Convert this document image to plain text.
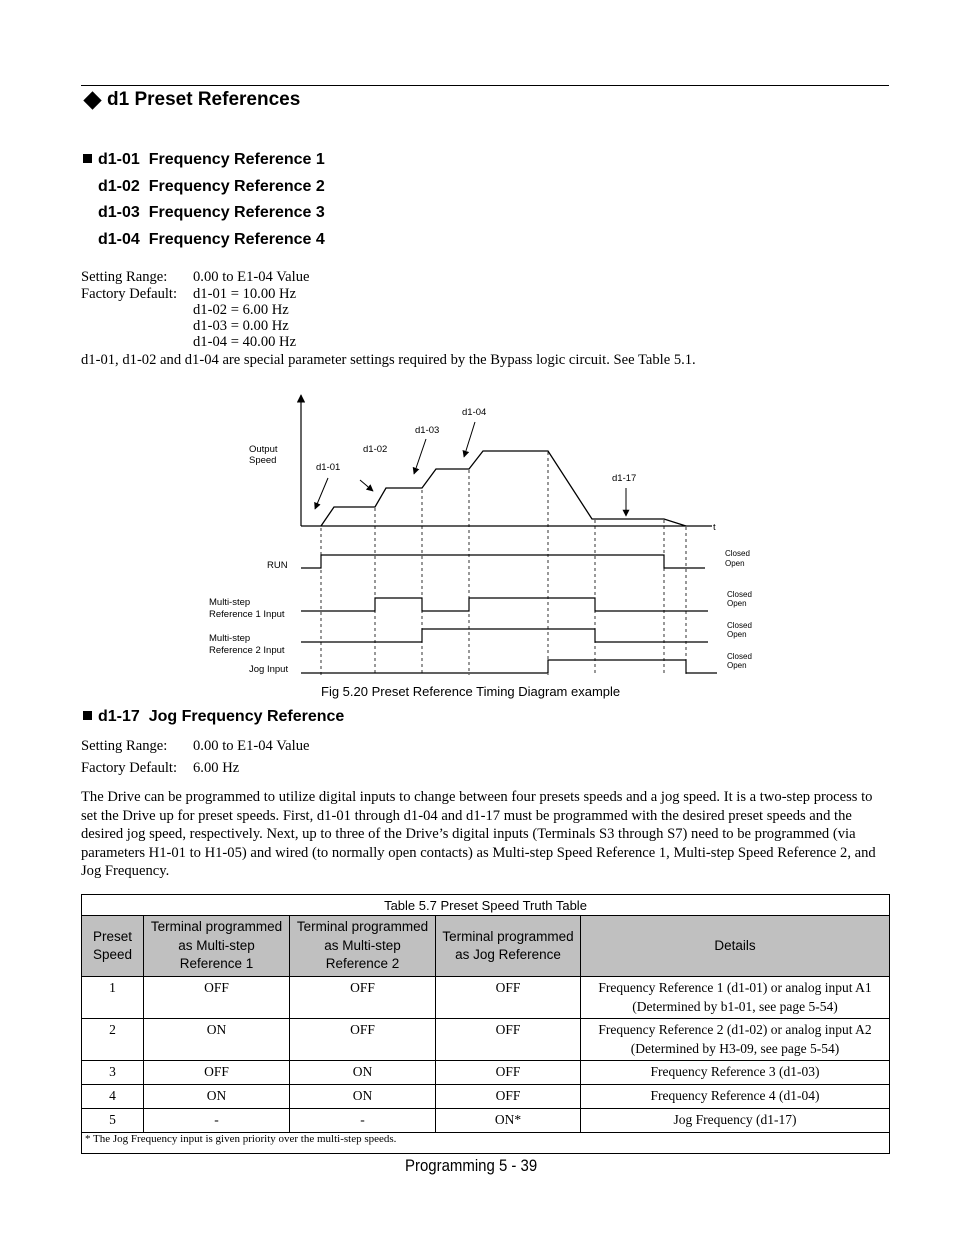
d1 Preset References
d1-01 Frequency Reference 1
d1-02 Frequency Reference 2
d1-03 Frequency Reference 3
d1-04 Frequency Reference 4
Setting Range: 0.00 to E1-04 Value
Factory Default: d1-01 = 10.00 Hz
d1-02 = 6.00 Hz
d1-03 = 0.00 Hz
d1-04 = 40.00 Hz
d1-01, d1-02 and d1-04 are special parameter settings required by the Bypass logic circuit. See Table 5.1.
Output
Speed
t
d1-01
d1-02
d1-03
d1-04
d1-17
RUN
Closed
Open
Multi-step
Reference 1 Input
Closed
Open
Multi-step
Reference 2 Input
Closed
Open
Jog Input
Closed
Open
Fig 5.20 Preset Reference Timing Diagram example
d1-17 Jog Frequency Reference
Setting Range: 0.00 to E1-04 Value
Factory Default: 6.00 Hz
The Drive can be programmed to utilize digital inputs to change between four presets speeds and a jog speed. It is a two-step process to set the Drive up for preset speeds. First, d1-01 through d1-04 and d1-17 must be programmed with the desired preset speeds and the desired jog speed, respectively. Next, up to three of the Drive’s digital inputs (Terminals S3 through S7) need to be programmed (via parameters H1-01 to H1-05) and wired (to normally open contacts) as Multi-step Speed Reference 1, Multi-step Speed Reference 2, and Jog Frequency.
Table 5.7 Preset Speed Truth Table				
Preset Speed	Terminal programmed as Multi-step Reference 1	Terminal programmed as Multi-step Reference 2	Terminal programmed as Jog Reference	Details
1	OFF	OFF	OFF	Frequency Reference 1 (d1-01) or analog input A1 (Determined by b1-01, see page 5-54)
2	ON	OFF	OFF	Frequency Reference 2 (d1-02) or analog input A2 (Determined by H3-09, see page 5-54)
3	OFF	ON	OFF	Frequency Reference 3 (d1-03)
4	ON	ON	OFF	Frequency Reference 4 (d1-04)
5	-	-	ON*	Jog Frequency (d1-17)
* The Jog Frequency input is given priority over the multi-step speeds.				
Programming 5 - 39
